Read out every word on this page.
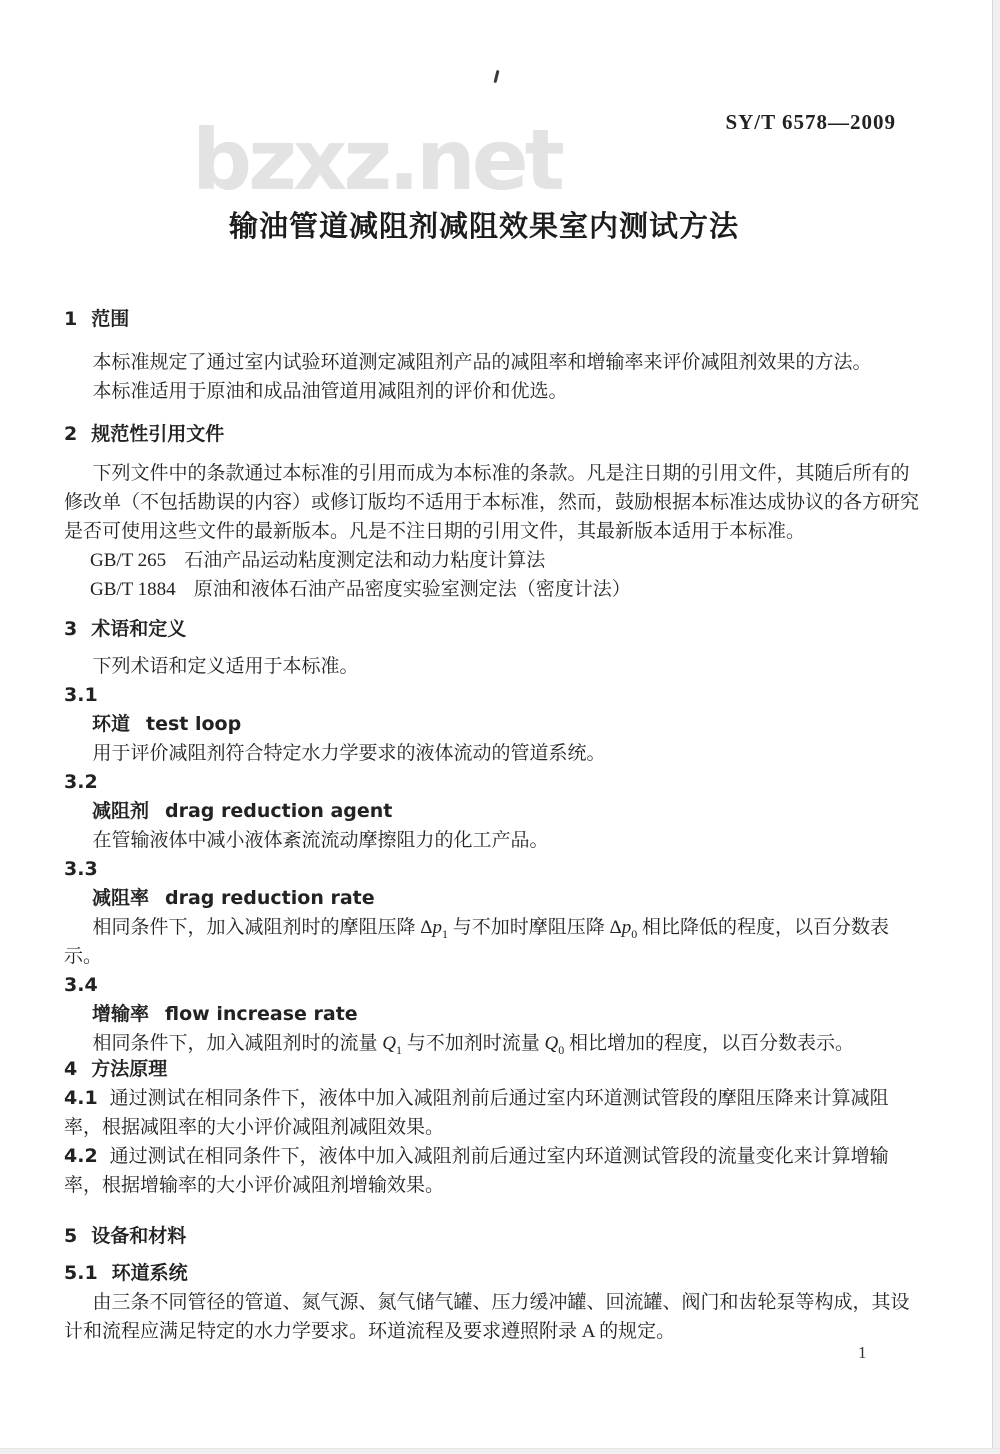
SY/T 6578—2009
bzxz.net
输油管道减阻剂减阻效果室内测试方法
1 范围

本标准规定了通过室内试验环道测定减阻剂产品的减阻率和增输率来评价减阻剂效果的方法。

本标准适用于原油和成品油管道用减阻剂的评价和优选。

2 规范性引用文件

下列文件中的条款通过本标准的引用而成为本标准的条款。凡是注日期的引用文件，其随后所有的修改单（不包括勘误的内容）或修订版均不适用于本标准，然而，鼓励根据本标准达成协议的各方研究是否可使用这些文件的最新版本。凡是不注日期的引用文件，其最新版本适用于本标准。

GB/T 265 石油产品运动粘度测定法和动力粘度计算法
GB/T 1884 原油和液体石油产品密度实验室测定法（密度计法）
3 术语和定义

下列术语和定义适用于本标准。

3.1
环道 test loop
用于评价减阻剂符合特定水力学要求的液体流动的管道系统。
3.2
减阻剂 drag reduction agent
在管输液体中减小液体紊流流动摩擦阻力的化工产品。
3.3
减阻率 drag reduction rate
相同条件下，加入减阻剂时的摩阻压降 $\Delta p_1$ 与不加时摩阻压降 $\Delta p_0$ 相比降低的程度，以百分数表示。
3.4
增输率 flow increase rate
相同条件下，加入减阻剂时的流量 $Q_1$ 与不加剂时流量 $Q_0$ 相比增加的程度，以百分数表示。
4 方法原理

4.1 通过测试在相同条件下，液体中加入减阻剂前后通过室内环道测试管段的摩阻压降来计算减阻率，根据减阻率的大小评价减阻剂减阻效果。

4.2 通过测试在相同条件下，液体中加入减阻剂前后通过室内环道测试管段的流量变化来计算增输率，根据增输率的大小评价减阻剂增输效果。

5 设备和材料
5.1 环道系统

由三条不同管径的管道、氮气源、氮气储气罐、压力缓冲罐、回流罐、阀门和齿轮泵等构成，其设计和流程应满足特定的水力学要求。环道流程及要求遵照附录 A 的规定。

1
